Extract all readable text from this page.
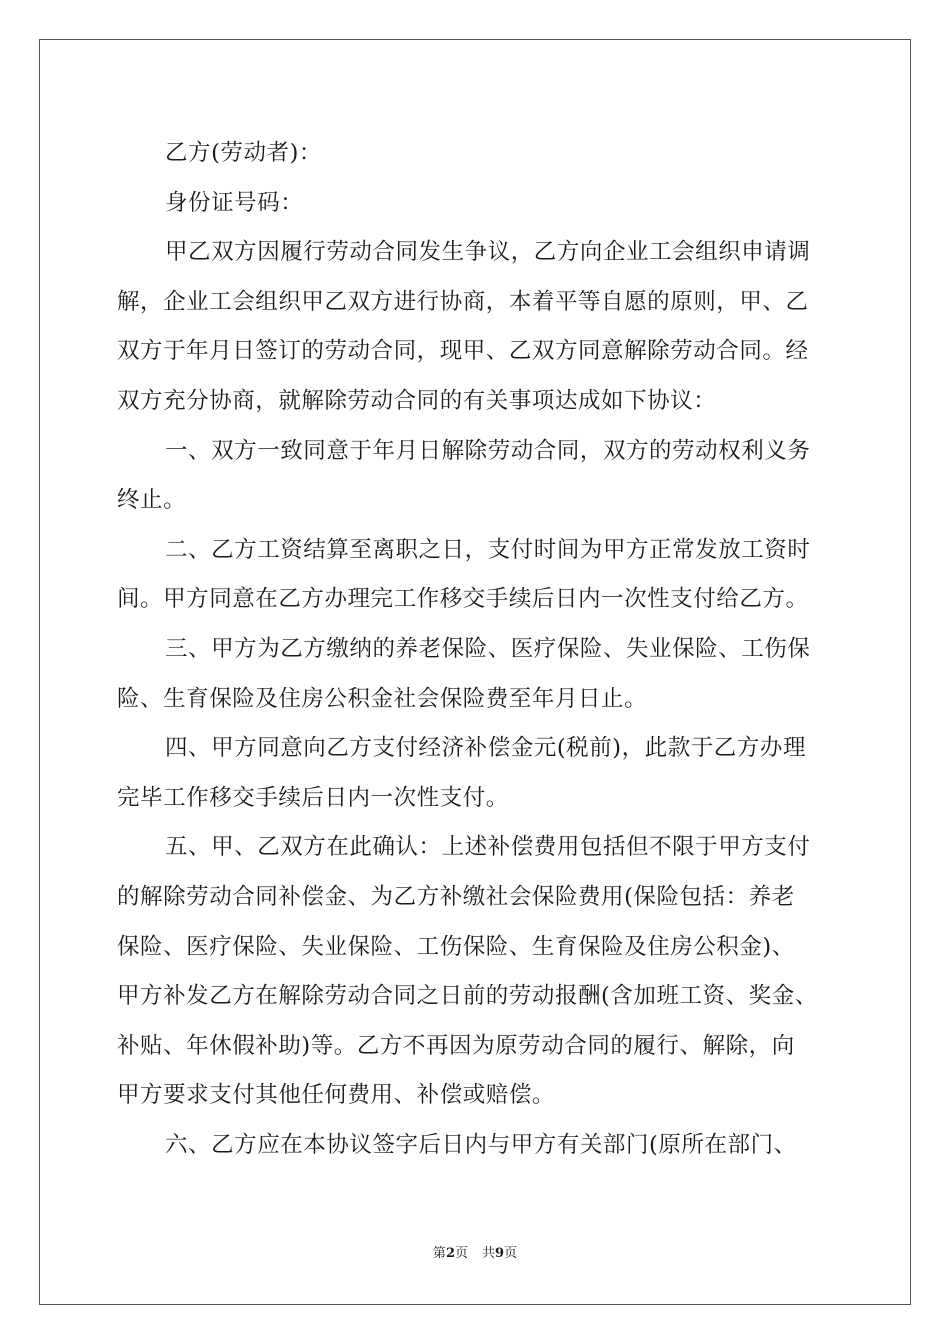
乙方(劳动者)：
身份证号码：
甲乙双方因履行劳动合同发生争议，乙方向企业工会组织申请调
解，企业工会组织甲乙双方进行协商，本着平等自愿的原则，甲、乙
双方于年月日签订的劳动合同，现甲、乙双方同意解除劳动合同。经
双方充分协商，就解除劳动合同的有关事项达成如下协议：
一、双方一致同意于年月日解除劳动合同，双方的劳动权利义务
终止。
二、乙方工资结算至离职之日，支付时间为甲方正常发放工资时
间。甲方同意在乙方办理完工作移交手续后日内一次性支付给乙方。
三、甲方为乙方缴纳的养老保险、医疗保险、失业保险、工伤保
险、生育保险及住房公积金社会保险费至年月日止。
四、甲方同意向乙方支付经济补偿金元(税前)，此款于乙方办理
完毕工作移交手续后日内一次性支付。
五、甲、乙双方在此确认：上述补偿费用包括但不限于甲方支付
的解除劳动合同补偿金、为乙方补缴社会保险费用(保险包括：养老
保险、医疗保险、失业保险、工伤保险、生育保险及住房公积金)、
甲方补发乙方在解除劳动合同之日前的劳动报酬(含加班工资、奖金、
补贴、年休假补助)等。乙方不再因为原劳动合同的履行、解除，向
甲方要求支付其他任何费用、补偿或赔偿。
六、乙方应在本协议签字后日内与甲方有关部门(原所在部门、
第2页 共9页
